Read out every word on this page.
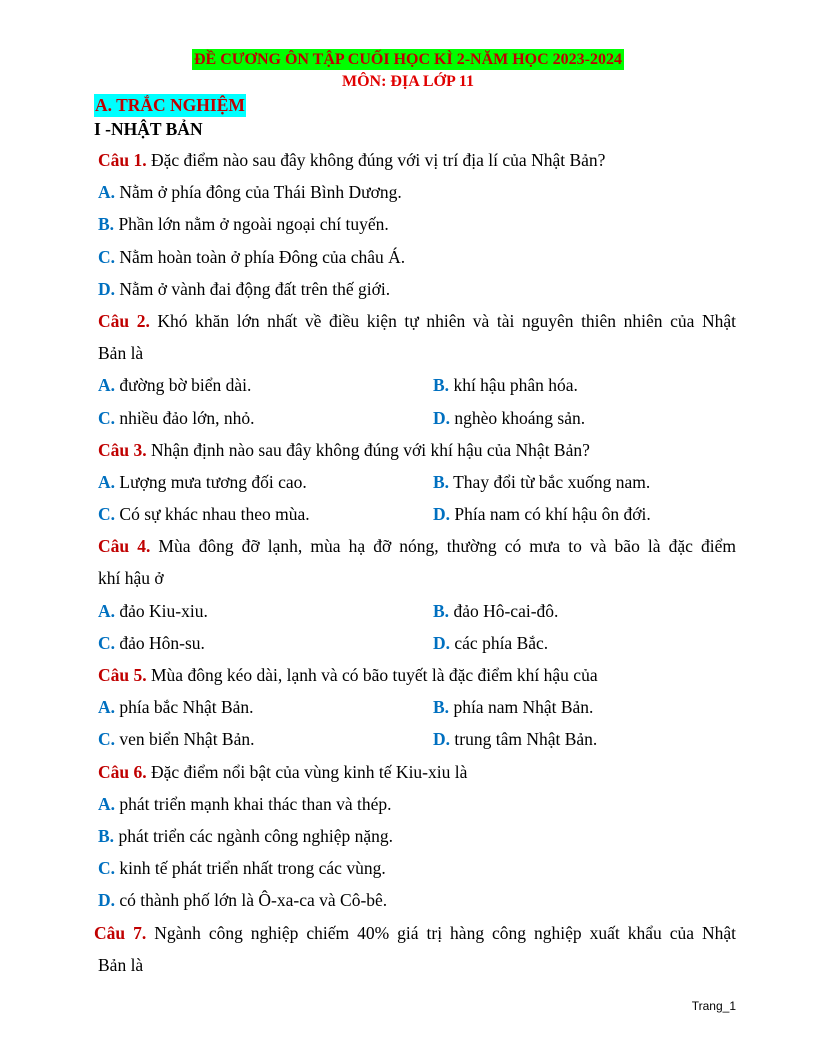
ĐỀ CƯƠNG ÔN TẬP CUỐI HỌC KÌ 2-NĂM HỌC 2023-2024
MÔN: ĐỊA LỚP 11
A. TRẮC NGHIỆM
I -NHẬT BẢN
Câu 1. Đặc điểm nào sau đây không đúng với vị trí địa lí của Nhật Bản?
A. Nằm ở phía đông của Thái Bình Dương.
B. Phần lớn nằm ở ngoài ngoại chí tuyến.
C. Nằm hoàn toàn ở phía Đông của châu Á.
D. Nằm ở vành đai động đất trên thế giới.
Câu 2. Khó khăn lớn nhất về điều kiện tự nhiên và tài nguyên thiên nhiên của Nhật
Bản là
A. đường bờ biển dài.	B. khí hậu phân hóa.
C. nhiều đảo lớn, nhỏ.	D. nghèo khoáng sản.
Câu 3. Nhận định nào sau đây không đúng với khí hậu của Nhật Bản?
A. Lượng mưa tương đối cao.	B. Thay đổi từ bắc xuống nam.
C. Có sự khác nhau theo mùa.	D. Phía nam có khí hậu ôn đới.
Câu 4. Mùa đông đỡ lạnh, mùa hạ đỡ nóng, thường có mưa to và bão là đặc điểm
khí hậu ở
A. đảo Kiu-xiu.	B. đảo Hô-cai-đô.
C. đảo Hôn-su.	D. các phía Bắc.
Câu 5. Mùa đông kéo dài, lạnh và có bão tuyết là đặc điểm khí hậu của
A. phía bắc Nhật Bản.	B. phía nam Nhật Bản.
C. ven biển Nhật Bản.	D. trung tâm Nhật Bản.
Câu 6. Đặc điểm nổi bật của vùng kinh tế Kiu-xiu là
A. phát triển mạnh khai thác than và thép.
B. phát triển các ngành công nghiệp nặng.
C. kinh tế phát triển nhất trong các vùng.
D. có thành phố lớn là Ô-xa-ca và Cô-bê.
Câu 7. Ngành công nghiệp chiếm 40% giá trị hàng công nghiệp xuất khẩu của Nhật
Bản là
Trang_1
